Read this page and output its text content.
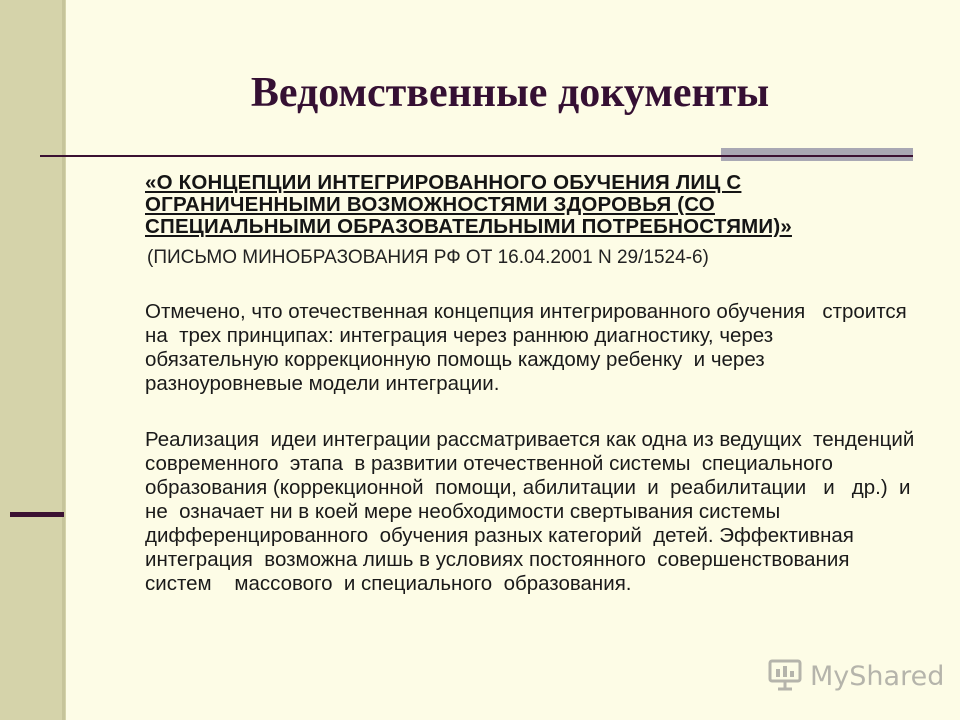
Ведомственные документы

«О КОНЦЕПЦИИ ИНТЕГРИРОВАННОГО ОБУЧЕНИЯ ЛИЦ С ОГРАНИЧЕННЫМИ ВОЗМОЖНОСТЯМИ ЗДОРОВЬЯ (СО СПЕЦИАЛЬНЫМИ ОБРАЗОВАТЕЛЬНЫМИ ПОТРЕБНОСТЯМИ)»

(ПИСЬМО МИНОБРАЗОВАНИЯ РФ ОТ 16.04.2001 N 29/1524-6)

Отмечено, что отечественная концепция интегрированного обучения   строится  на  трех принципах: интеграция через раннюю диагностику, через  обязательную коррекционную помощь каждому ребенку  и через  разноуровневые модели интеграции.

Реализация  идеи интеграции рассматривается как одна из ведущих  тенденций     современного  этапа  в развитии отечественной системы  специального образования (коррекционной  помощи, абилитации  и  реабилитации   и   др.)  и  не  означает ни в коей мере необходимости свертывания системы дифференцированного  обучения разных категорий  детей. Эффективная    интеграция  возможна лишь в условиях постоянного  совершенствования систем    массового  и специального  образования.

MyShared
